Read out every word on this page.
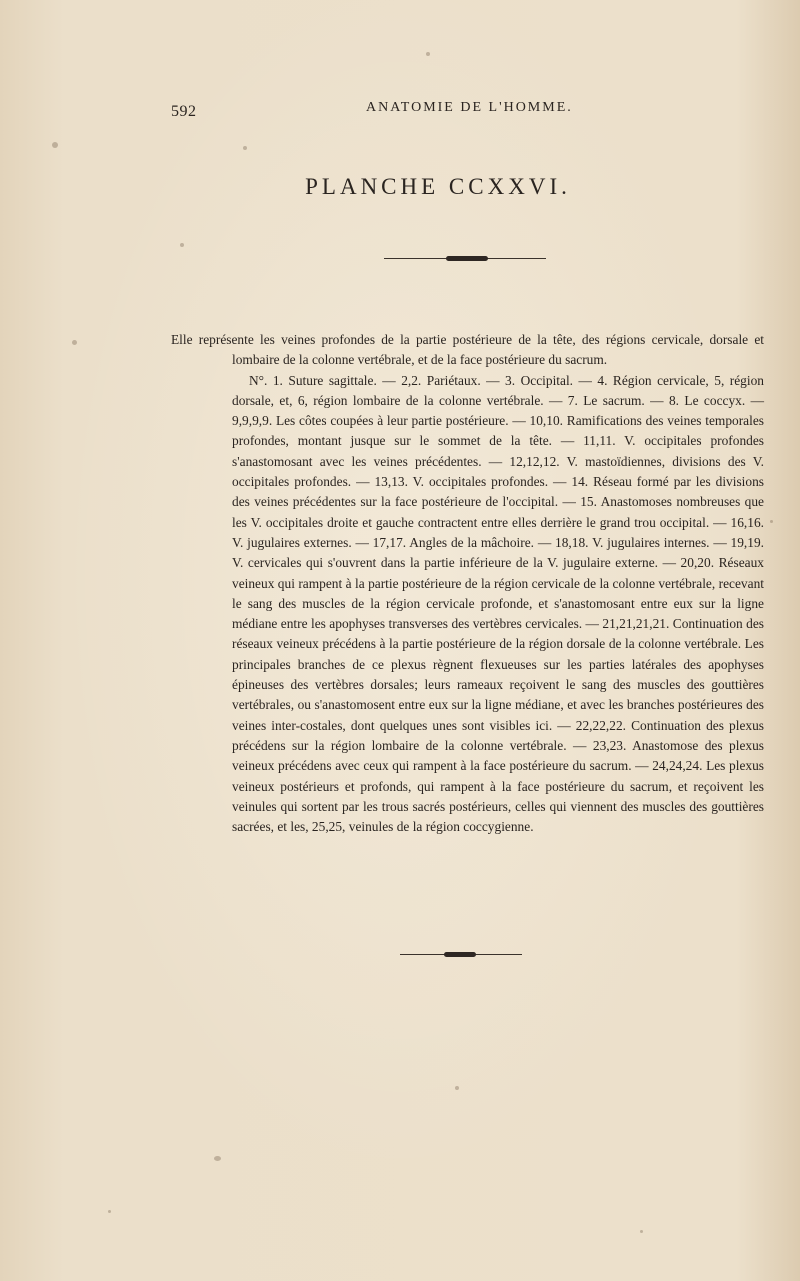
592	ANATOMIE DE L'HOMME.
PLANCHE CCXXVI.

Elle représente les veines profondes de la partie postérieure de la tête, des régions cervicale, dorsale et lombaire de la colonne vertébrale, et de la face postérieure du sacrum.

N°. 1. Suture sagittale. — 2,2. Pariétaux. — 3. Occipital. — 4. Région cervicale, 5, région dorsale, et, 6, région lombaire de la colonne vertébrale. — 7. Le sacrum. — 8. Le coccyx. — 9,9,9,9. Les côtes coupées à leur partie postérieure. — 10,10. Ramifications des veines temporales profondes, montant jusque sur le sommet de la tête. — 11,11. V. occipitales profondes s'anastomosant avec les veines précédentes. — 12,12,12. V. mastoïdiennes, divisions des V. occipitales profondes. — 13,13. V. occipitales profondes. — 14. Réseau formé par les divisions des veines précédentes sur la face postérieure de l'occipital. — 15. Anastomoses nombreuses que les V. occipitales droite et gauche contractent entre elles derrière le grand trou occipital. — 16,16. V. jugulaires externes. — 17,17. Angles de la mâchoire. — 18,18. V. jugulaires internes. — 19,19. V. cervicales qui s'ouvrent dans la partie inférieure de la V. jugulaire externe. — 20,20. Réseaux veineux qui rampent à la partie postérieure de la région cervicale de la colonne vertébrale, recevant le sang des muscles de la région cervicale profonde, et s'anastomosant entre eux sur la ligne médiane entre les apophyses transverses des vertèbres cervicales. — 21,21,21,21. Continuation des réseaux veineux précédens à la partie postérieure de la région dorsale de la colonne vertébrale. Les principales branches de ce plexus règnent flexueuses sur les parties latérales des apophyses épineuses des vertèbres dorsales; leurs rameaux reçoivent le sang des muscles des gouttières vertébrales, ou s'anastomosent entre eux sur la ligne médiane, et avec les branches postérieures des veines inter-costales, dont quelques unes sont visibles ici. — 22,22,22. Continuation des plexus précédens sur la région lombaire de la colonne vertébrale. — 23,23. Anastomose des plexus veineux précédens avec ceux qui rampent à la face postérieure du sacrum. — 24,24,24. Les plexus veineux postérieurs et profonds, qui rampent à la face postérieure du sacrum, et reçoivent les veinules qui sortent par les trous sacrés postérieurs, celles qui viennent des muscles des gouttières sacrées, et les, 25,25, veinules de la région coccygienne.
